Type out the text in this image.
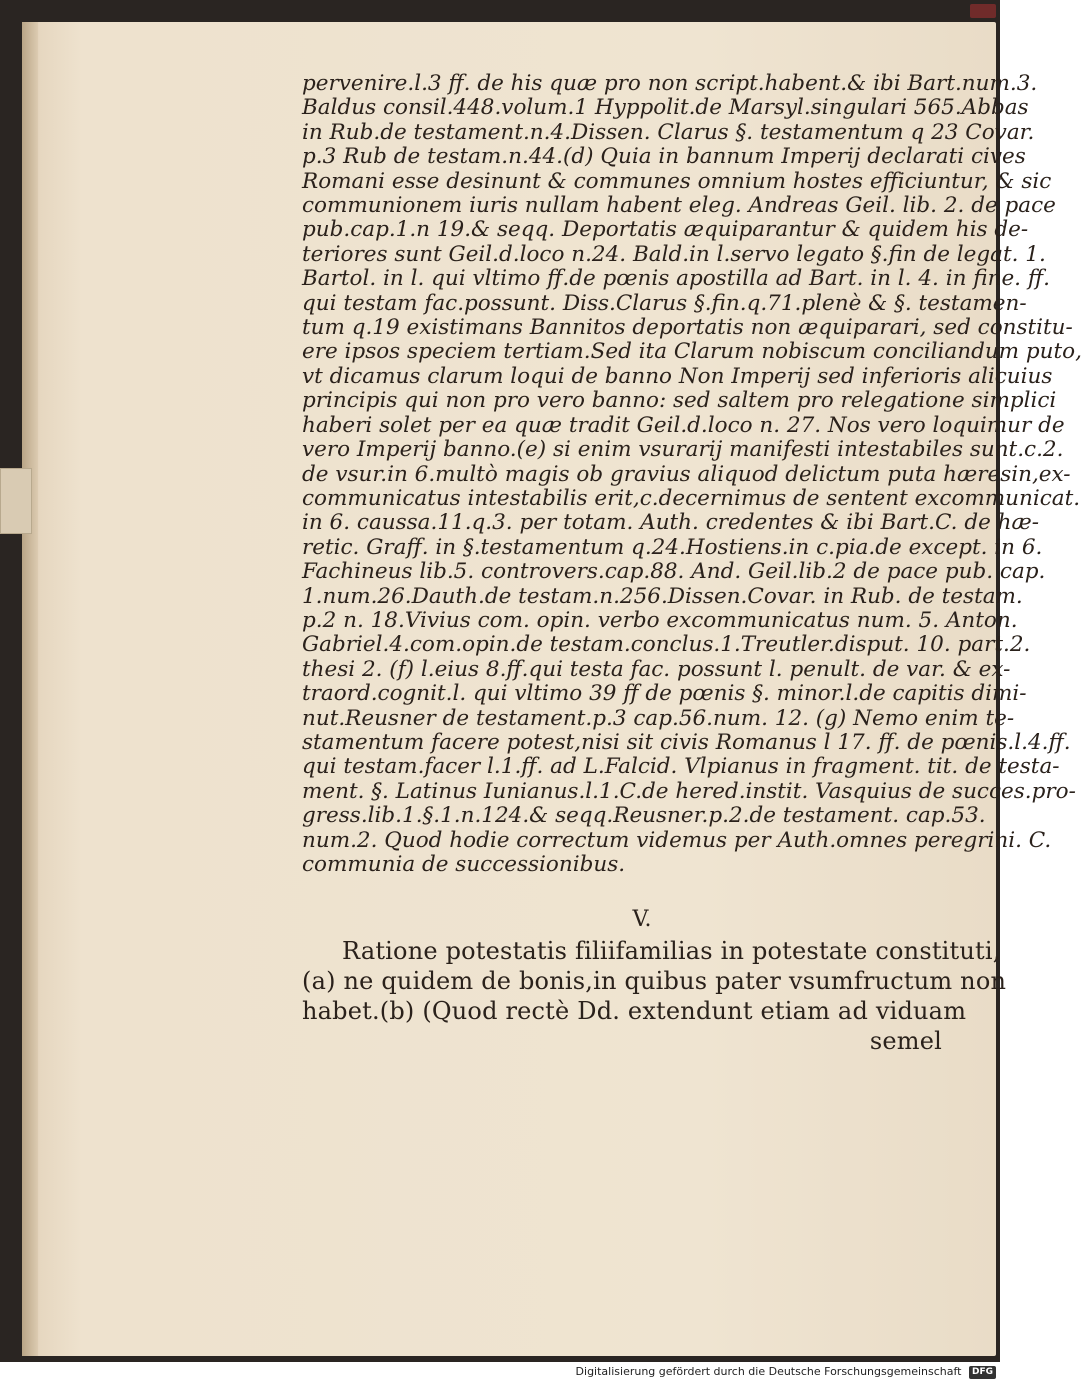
pervenire.l.3 ff. de his quæ pro non script.habent.& ibi Bart.num.3.
Baldus consil.448.volum.1 Hyppolit.de Marsyl.singulari 565.Abbas
in Rub.de testament.n.4.Dissen. Clarus §. testamentum q 23 Covar.
p.3 Rub de testam.n.44.(d) Quia in bannum Imperij declarati cives
Romani esse desinunt & communes omnium hostes efficiuntur, & sic
communionem iuris nullam habent eleg. Andreas Geil. lib. 2. de pace
pub.cap.1.n 19.& seqq. Deportatis æquiparantur & quidem his de-
teriores sunt Geil.d.loco n.24. Bald.in l.servo legato §.fin de legat. 1.
Bartol. in l. qui vltimo ff.de pœnis apostilla ad Bart. in l. 4. in fine. ff.
qui testam fac.possunt. Diss.Clarus §.fin.q.71.plenè & §. testamen-
tum q.19 existimans Bannitos deportatis non æquiparari, sed constitu-
ere ipsos speciem tertiam.Sed ita Clarum nobiscum conciliandum puto,
vt dicamus clarum loqui de banno Non Imperij sed inferioris alicuius
principis qui non pro vero banno: sed saltem pro relegatione simplici
haberi solet per ea quæ tradit Geil.d.loco n. 27. Nos vero loquimur de
vero Imperij banno.(e) si enim vsurarij manifesti intestabiles sunt.c.2.
de vsur.in 6.multò magis ob gravius aliquod delictum puta hæresin,ex-
communicatus intestabilis erit,c.decernimus de sentent excommunicat.
in 6. caussa.11.q.3. per totam. Auth. credentes & ibi Bart.C. de hæ-
retic. Graff. in §.testamentum q.24.Hostiens.in c.pia.de except. in 6.
Fachineus lib.5. controvers.cap.88. And. Geil.lib.2 de pace pub. cap.
1.num.26.Dauth.de testam.n.256.Dissen.Covar. in Rub. de testam.
p.2 n. 18.Vivius com. opin. verbo excommunicatus num. 5. Anton.
Gabriel.4.com.opin.de testam.conclus.1.Treutler.disput. 10. part.2.
thesi 2. (f) l.eius 8.ff.qui testa fac. possunt l. penult. de var. & ex-
traord.cognit.l. qui vltimo 39 ff de pœnis §. minor.l.de capitis dimi-
nut.Reusner de testament.p.3 cap.56.num. 12. (g) Nemo enim te-
stamentum facere potest,nisi sit civis Romanus l 17. ff. de pœnis.l.4.ff.
qui testam.facer l.1.ff. ad L.Falcid. Vlpianus in fragment. tit. de testa-
ment. §. Latinus Iunianus.l.1.C.de hered.instit. Vasquius de succes.pro-
gress.lib.1.§.1.n.124.& seqq.Reusner.p.2.de testament. cap.53.
num.2. Quod hodie correctum videmus per Auth.omnes peregrini. C.
communia de successionibus.
V.
Ratione potestatis filiifamilias in potestate constituti,
(a) ne quidem de bonis,in quibus pater vsumfructum non
habet.(b) (Quod rectè Dd. extendunt etiam ad viduam
semel
Digitalisierung gefördert durch die Deutsche Forschungsgemeinschaft DFG
